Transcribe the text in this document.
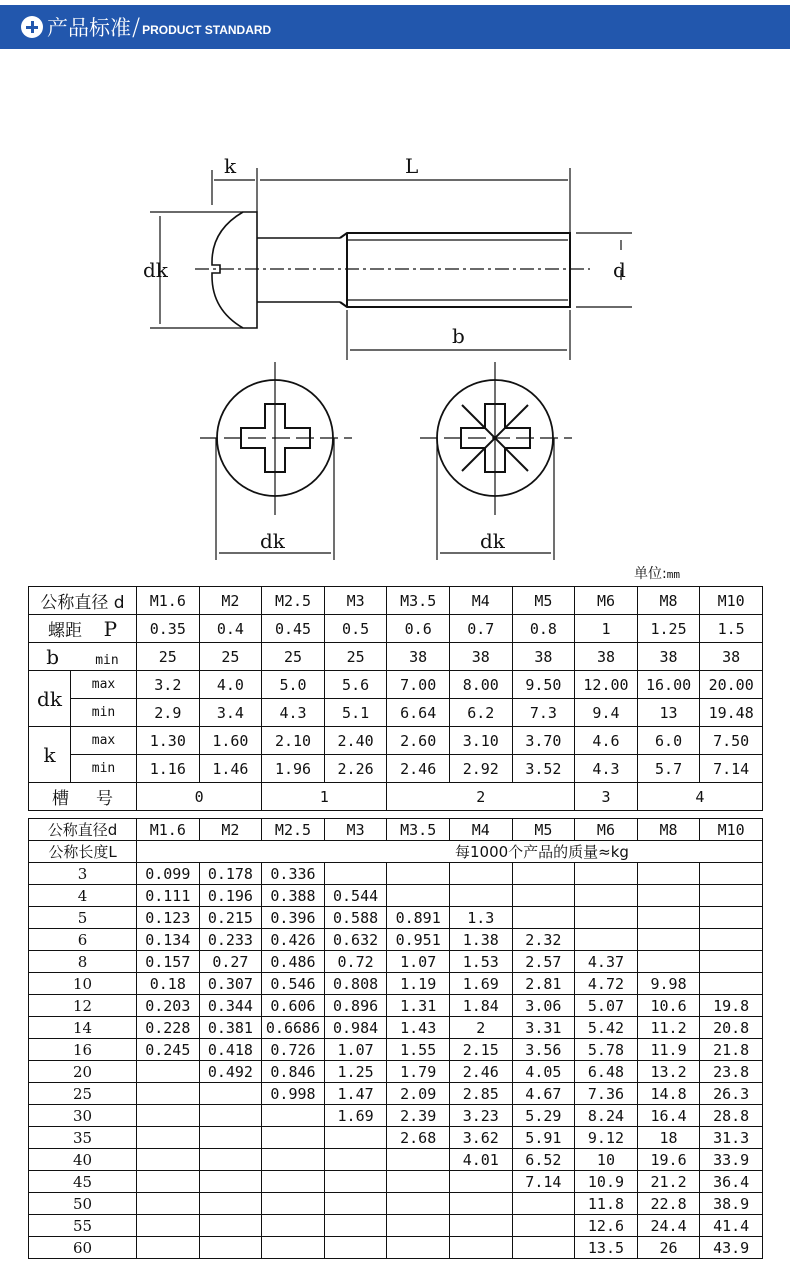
产品标准 / PRODUCT STANDARD
k	L
dk	d
b
dk	dk
单位:mm
公称直径 d		M1.6	M2	M2.5	M3	M3.5	M4	M5	M6	M8	M10
螺距 P		0.35	0.4	0.45	0.5	0.6	0.7	0.8	1	1.25	1.5
b min		25	25	25	25	38	38	38	38	38	38
dk	max	3.2	4.0	5.0	5.6	7.00	8.00	9.50	12.00	16.00	20.00
	min	2.9	3.4	4.3	5.1	6.64	6.2	7.3	9.4	13	19.48
k	max	1.30	1.60	2.10	2.40	2.60	3.10	3.70	4.6	6.0	7.50
	min	1.16	1.46	1.96	2.26	2.46	2.92	3.52	4.3	5.7	7.14
槽 号		0		1		2			3	4	
公称直径d	M1.6	M2	M2.5	M3	M3.5	M4	M5	M6	M8	M10
公称长度L	每1000个产品的质量≈kg									
3	0.099	0.178	0.336							
4	0.111	0.196	0.388	0.544						
5	0.123	0.215	0.396	0.588	0.891	1.3				
6	0.134	0.233	0.426	0.632	0.951	1.38	2.32			
8	0.157	0.27	0.486	0.72	1.07	1.53	2.57	4.37		
10	0.18	0.307	0.546	0.808	1.19	1.69	2.81	4.72	9.98	
12	0.203	0.344	0.606	0.896	1.31	1.84	3.06	5.07	10.6	19.8
14	0.228	0.381	0.6686	0.984	1.43	2	3.31	5.42	11.2	20.8
16	0.245	0.418	0.726	1.07	1.55	2.15	3.56	5.78	11.9	21.8
20		0.492	0.846	1.25	1.79	2.46	4.05	6.48	13.2	23.8
25			0.998	1.47	2.09	2.85	4.67	7.36	14.8	26.3
30				1.69	2.39	3.23	5.29	8.24	16.4	28.8
35					2.68	3.62	5.91	9.12	18	31.3
40						4.01	6.52	10	19.6	33.9
45							7.14	10.9	21.2	36.4
50								11.8	22.8	38.9
55								12.6	24.4	41.4
60								13.5	26	43.9
